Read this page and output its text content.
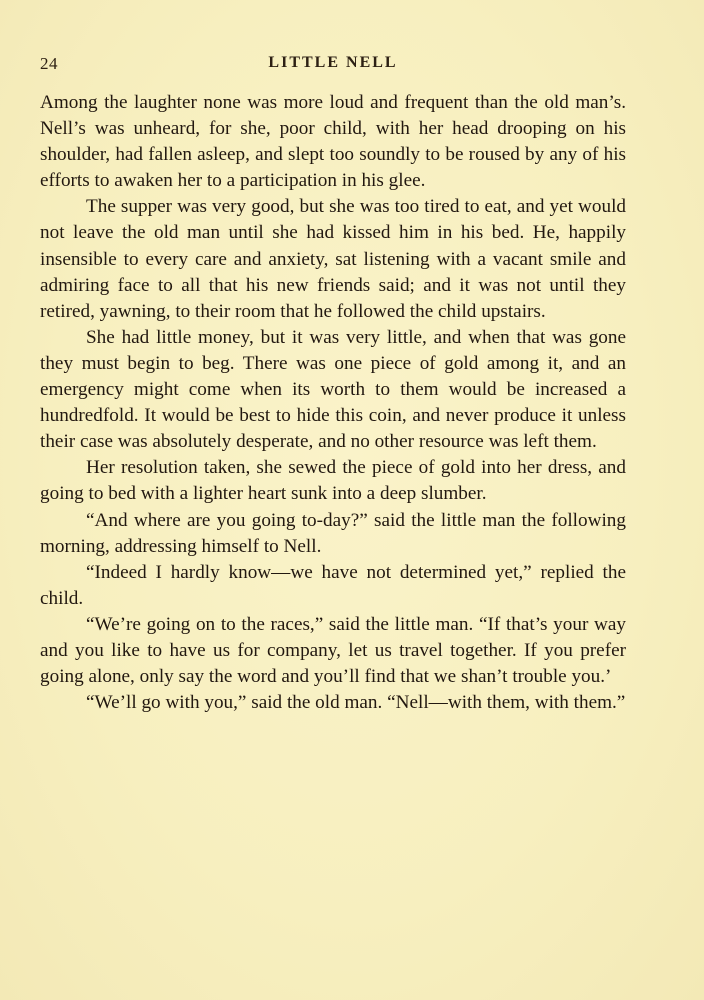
24	LITTLE NELL

Among the laughter none was more loud and frequent than the old man’s. Nell’s was unheard, for she, poor child, with her head drooping on his shoulder, had fallen asleep, and slept too soundly to be roused by any of his efforts to awaken her to a participation in his glee.

The supper was very good, but she was too tired to eat, and yet would not leave the old man until she had kissed him in his bed. He, happily insensible to every care and anxiety, sat listening with a vacant smile and admiring face to all that his new friends said; and it was not until they retired, yawning, to their room that he followed the child upstairs.

She had little money, but it was very little, and when that was gone they must begin to beg. There was one piece of gold among it, and an emergency might come when its worth to them would be increased a hundredfold. It would be best to hide this coin, and never produce it unless their case was absolutely desperate, and no other resource was left them.

Her resolution taken, she sewed the piece of gold into her dress, and going to bed with a lighter heart sunk into a deep slumber.

“And where are you going to-day?” said the little man the following morning, addressing himself to Nell.

“Indeed I hardly know—we have not determined yet,” replied the child.

“We’re going on to the races,” said the little man. “If that’s your way and you like to have us for company, let us travel together. If you prefer going alone, only say the word and you’ll find that we shan’t trouble you.’

“We’ll go with you,” said the old man. “Nell—with them, with them.”
